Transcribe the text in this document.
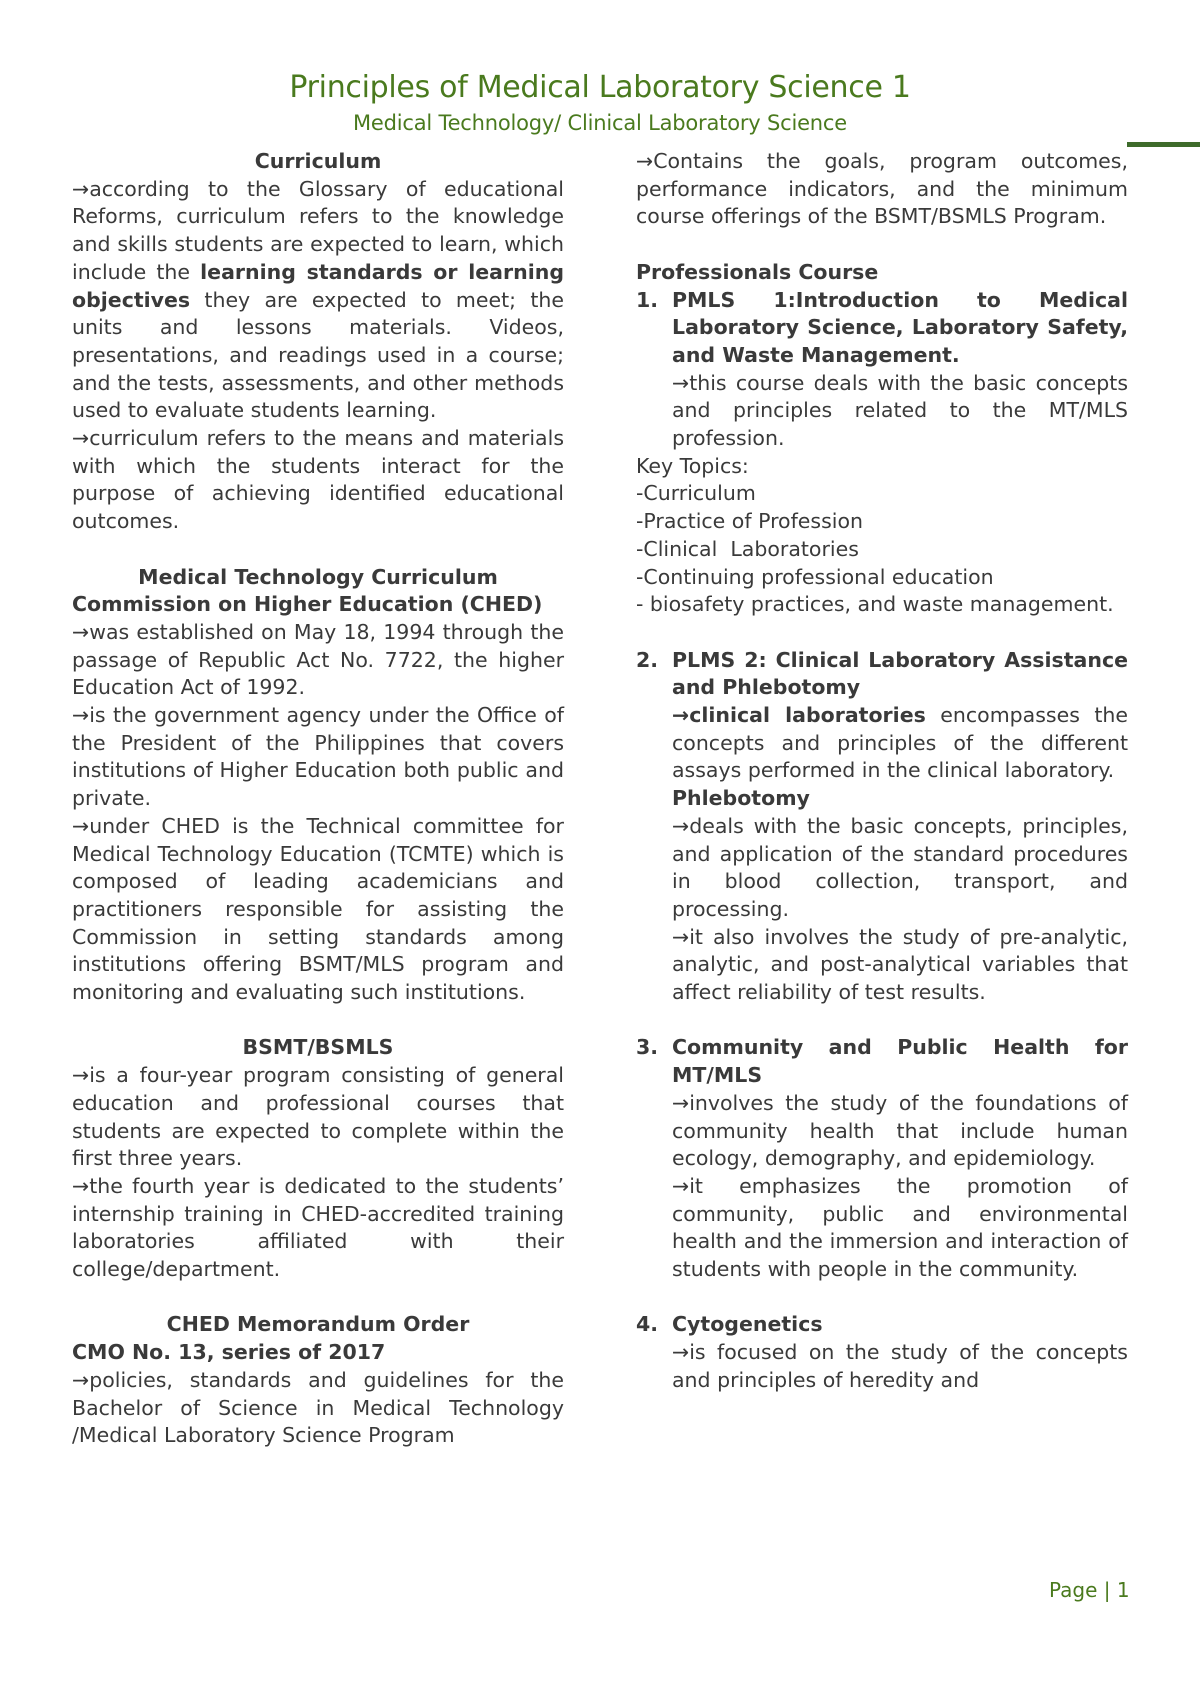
Principles of Medical Laboratory Science 1
Medical Technology/ Clinical Laboratory Science

Curriculum

→according to the Glossary of educational Reforms, curriculum refers to the knowledge and skills students are expected to learn, which include the learning standards or learning objectives they are expected to meet; the units and lessons materials. Videos, presentations, and readings used in a course; and the tests, assessments, and other methods used to evaluate students learning.

→curriculum refers to the means and materials with which the students interact for the purpose of achieving identified educational outcomes.

Medical Technology Curriculum

Commission on Higher Education (CHED)

→was established on May 18, 1994 through the passage of Republic Act No. 7722, the higher Education Act of 1992.

→is the government agency under the Office of the President of the Philippines that covers institutions of Higher Education both public and private.

→under CHED is the Technical committee for Medical Technology Education (TCMTE) which is composed of leading academicians and practitioners responsible for assisting the Commission in setting standards among institutions offering BSMT/MLS program and monitoring and evaluating such institutions.

BSMT/BSMLS

→is a four-year program consisting of general education and professional courses that students are expected to complete within the first three years.

→the fourth year is dedicated to the students’ internship training in CHED-accredited training laboratories affiliated with their college/department.

CHED Memorandum Order

CMO No. 13, series of 2017

→policies, standards and guidelines for the Bachelor of Science in Medical Technology /Medical Laboratory Science Program

→Contains the goals, program outcomes, performance indicators, and the minimum course offerings of the BSMT/BSMLS Program.

Professionals Course

1. PMLS 1:Introduction to Medical Laboratory Science, Laboratory Safety, and Waste Management.

→this course deals with the basic concepts and principles related to the MT/MLS profession.

Key Topics:

-Curriculum

-Practice of Profession

-Clinical  Laboratories

-Continuing professional education

- biosafety practices, and waste management.

2. PLMS 2: Clinical Laboratory Assistance and Phlebotomy

→clinical laboratories encompasses the concepts and principles of the different assays performed in the clinical laboratory.

Phlebotomy

→deals with the basic concepts, principles, and application of the standard procedures in blood collection, transport, and processing.

→it also involves the study of pre-analytic, analytic, and post-analytical variables that affect reliability of test results.

3. Community and Public Health for MT/MLS

→involves the study of the foundations of community health that include human ecology, demography, and epidemiology.

→it emphasizes the promotion of community, public and environmental health and the immersion and interaction of students with people in the community.

4. Cytogenetics

→is focused on the study of the concepts and principles of heredity and

Page | 1
